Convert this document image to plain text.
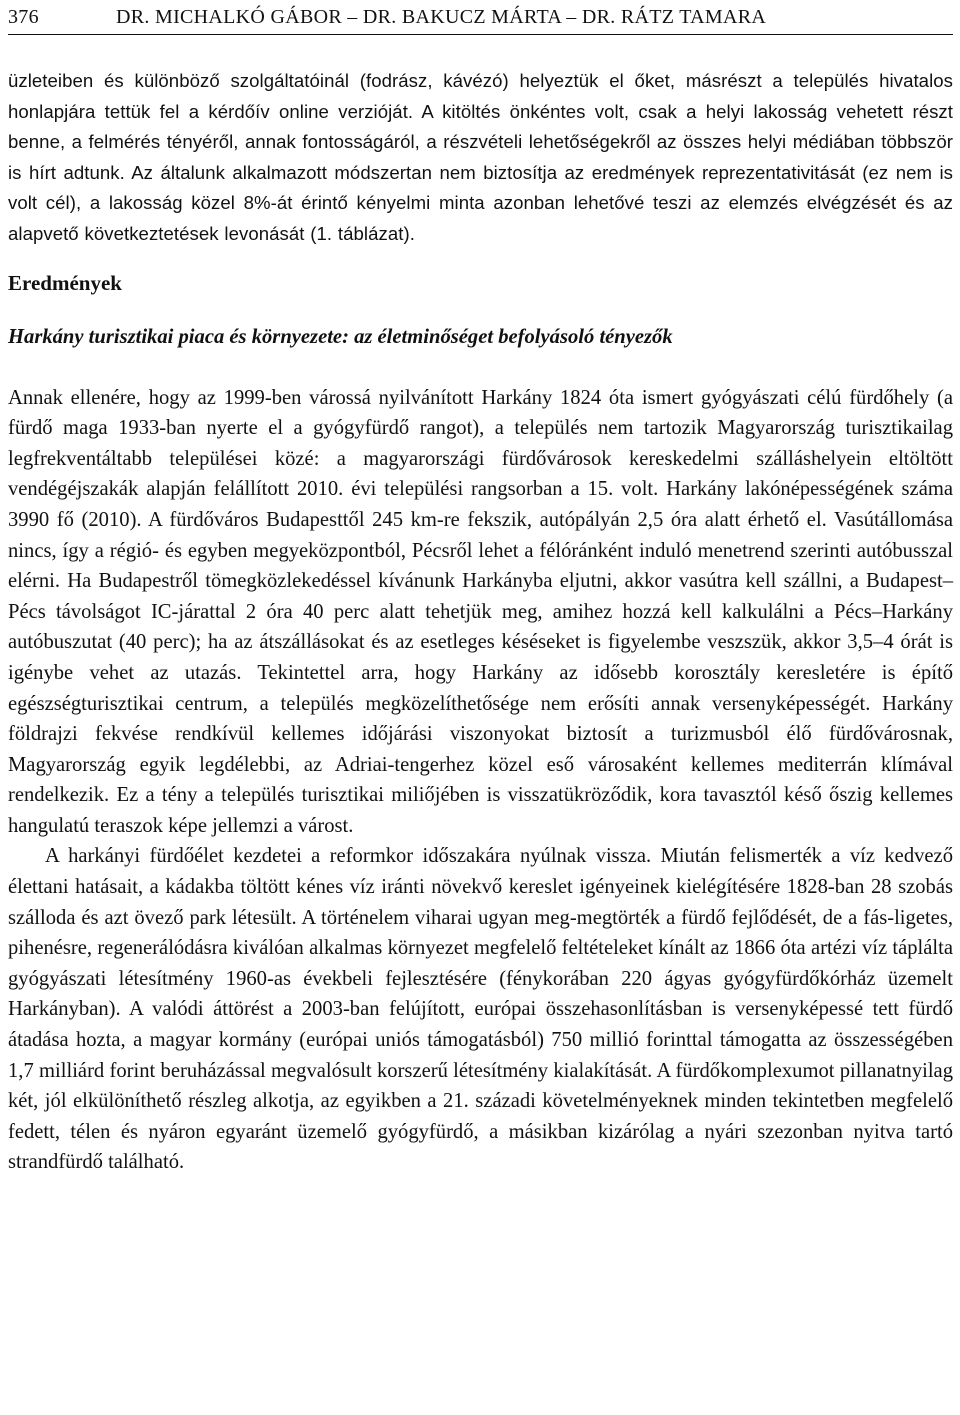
376	DR. MICHALKÓ GÁBOR – DR. BAKUCZ MÁRTA – DR. RÁTZ TAMARA

üzleteiben és különböző szolgáltatóinál (fodrász, kávézó) helyeztük el őket, másrészt a település hivatalos honlapjára tettük fel a kérdőív online verzióját. A kitöltés önkéntes volt, csak a helyi lakosság vehetett részt benne, a felmérés tényéről, annak fontosságáról, a részvételi lehetőségekről az összes helyi médiában többször is hírt adtunk. Az általunk alkalmazott módszertan nem biztosítja az eredmények reprezentativitását (ez nem is volt cél), a lakosság közel 8%-át érintő kényelmi minta azonban lehetővé teszi az elemzés elvégzését és az alapvető következtetések levonását (1. táblázat).

Eredmények
Harkány turisztikai piaca és környezete: az életminőséget befolyásoló tényezők

Annak ellenére, hogy az 1999-ben várossá nyilvánított Harkány 1824 óta ismert gyógyászati célú fürdőhely (a fürdő maga 1933-ban nyerte el a gyógyfürdő rangot), a település nem tartozik Magyarország turisztikailag legfrekventáltabb települései közé: a magyarországi fürdővárosok kereskedelmi szálláshelyein eltöltött vendégéjszakák alapján felállított 2010. évi települési rangsorban a 15. volt. Harkány lakónépességének száma 3990 fő (2010). A fürdőváros Budapesttől 245 km-re fekszik, autópályán 2,5 óra alatt érhető el. Vasútállomása nincs, így a régió- és egyben megyeközpontból, Pécsről lehet a félóránként induló menetrend szerinti autóbusszal elérni. Ha Budapestről tömegközlekedéssel kívánunk Harkányba eljutni, akkor vasútra kell szállni, a Budapest–Pécs távolságot IC-járattal 2 óra 40 perc alatt tehetjük meg, amihez hozzá kell kalkulálni a Pécs–Harkány autóbuszutat (40 perc); ha az átszállásokat és az esetleges késéseket is figyelembe veszszük, akkor 3,5–4 órát is igénybe vehet az utazás. Tekintettel arra, hogy Harkány az idősebb korosztály keresletére is építő egészségturisztikai centrum, a település megközelíthetősége nem erősíti annak versenyképességét. Harkány földrajzi fekvése rendkívül kellemes időjárási viszonyokat biztosít a turizmusból élő fürdővárosnak, Magyarország egyik legdélebbi, az Adriai-tengerhez közel eső városaként kellemes mediterrán klímával rendelkezik. Ez a tény a település turisztikai miliőjében is visszatükröződik, kora tavasztól késő őszig kellemes hangulatú teraszok képe jellemzi a várost.

A harkányi fürdőélet kezdetei a reformkor időszakára nyúlnak vissza. Miután felismerték a víz kedvező élettani hatásait, a kádakba töltött kénes víz iránti növekvő kereslet igényeinek kielégítésére 1828-ban 28 szobás szálloda és azt övező park létesült. A történelem viharai ugyan meg-megtörték a fürdő fejlődését, de a fás-ligetes, pihenésre, regenerálódásra kiválóan alkalmas környezet megfelelő feltételeket kínált az 1866 óta artézi víz táplálta gyógyászati létesítmény 1960-as évekbeli fejlesztésére (fénykorában 220 ágyas gyógyfürdőkórház üzemelt Harkányban). A valódi áttörést a 2003-ban felújított, európai összehasonlításban is versenyképessé tett fürdő átadása hozta, a magyar kormány (európai uniós támogatásból) 750 millió forinttal támogatta az összességében 1,7 milliárd forint beruházással megvalósult korszerű létesítmény kialakítását. A fürdőkomplexumot pillanatnyilag két, jól elkülöníthető részleg alkotja, az egyikben a 21. századi követelményeknek minden tekintetben megfelelő fedett, télen és nyáron egyaránt üzemelő gyógyfürdő, a másikban kizárólag a nyári szezonban nyitva tartó strandfürdő található.
